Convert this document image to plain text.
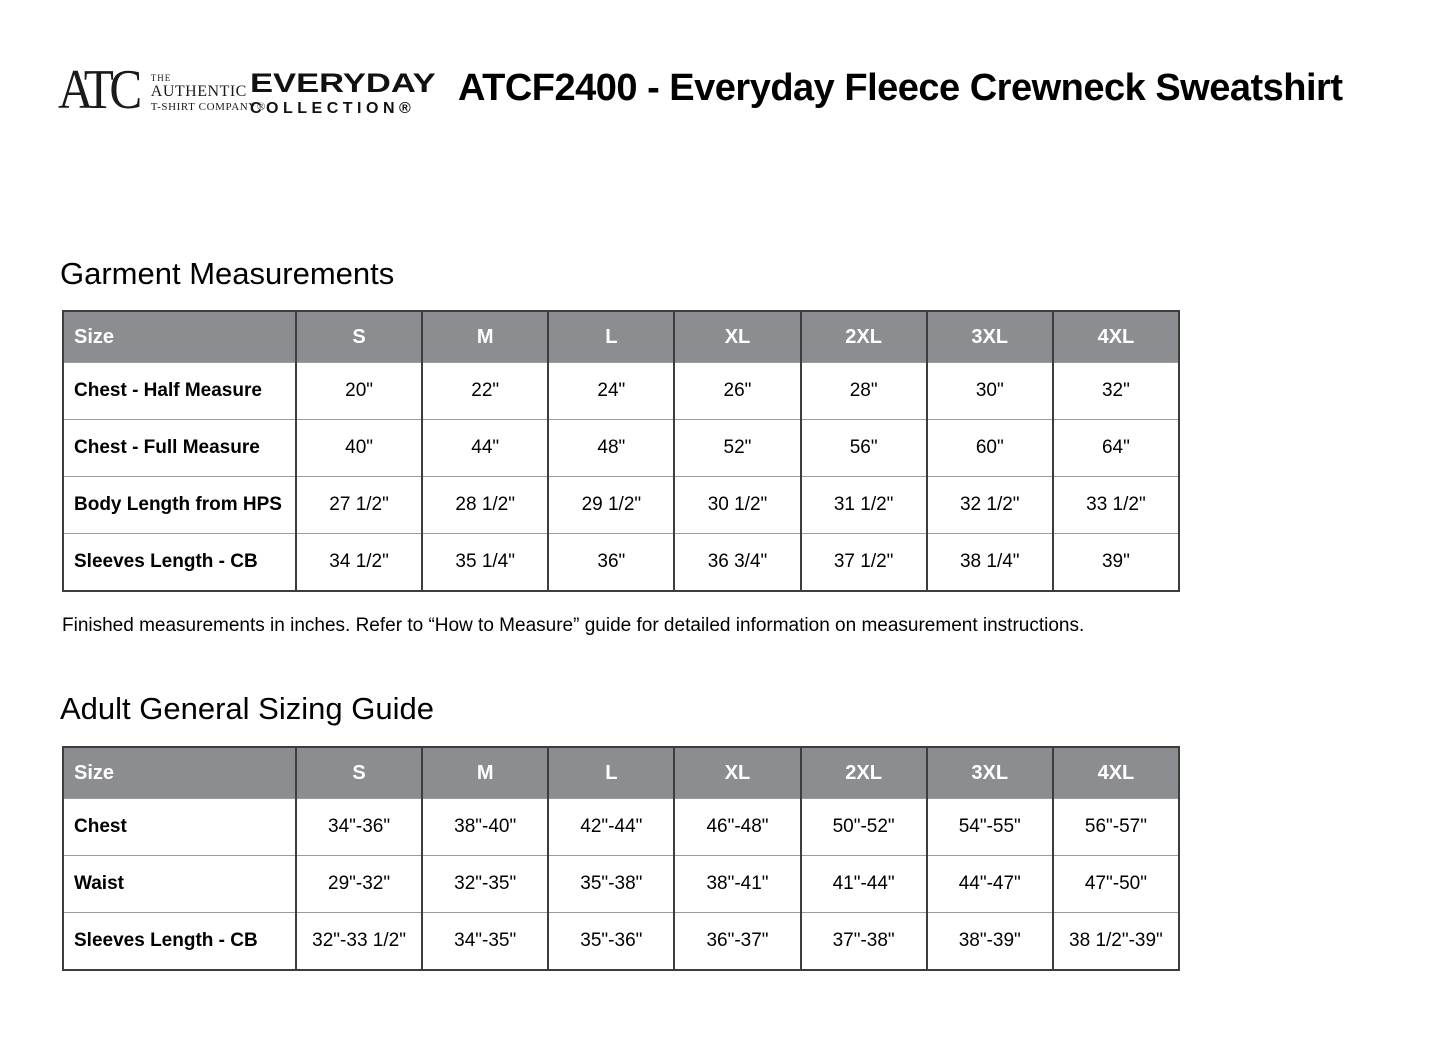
ATC THE
AUTHENTIC
T-SHIRT COMPANY®
EVERYDAY
COLLECTION® ATCF2400 - Everyday Fleece Crewneck Sweatshirt
Garment Measurements
Size	S	M	L	XL	2XL	3XL	4XL
Chest - Half Measure	20"	22"	24"	26"	28"	30"	32"
Chest - Full Measure	40"	44"	48"	52"	56"	60"	64"
Body Length from HPS	27 1/2"	28 1/2"	29 1/2"	30 1/2"	31 1/2"	32 1/2"	33 1/2"
Sleeves Length - CB	34 1/2"	35 1/4"	36"	36 3/4"	37 1/2"	38 1/4"	39"
Finished measurements in inches. Refer to “How to Measure” guide for detailed information on measurement instructions.
Adult General Sizing Guide
Size	S	M	L	XL	2XL	3XL	4XL
Chest	34"-36"	38"-40"	42"-44"	46"-48"	50"-52"	54"-55"	56"-57"
Waist	29"-32"	32"-35"	35"-38"	38"-41"	41"-44"	44"-47"	47"-50"
Sleeves Length - CB	32"-33 1/2"	34"-35"	35"-36"	36"-37"	37"-38"	38"-39"	38 1/2"-39"
